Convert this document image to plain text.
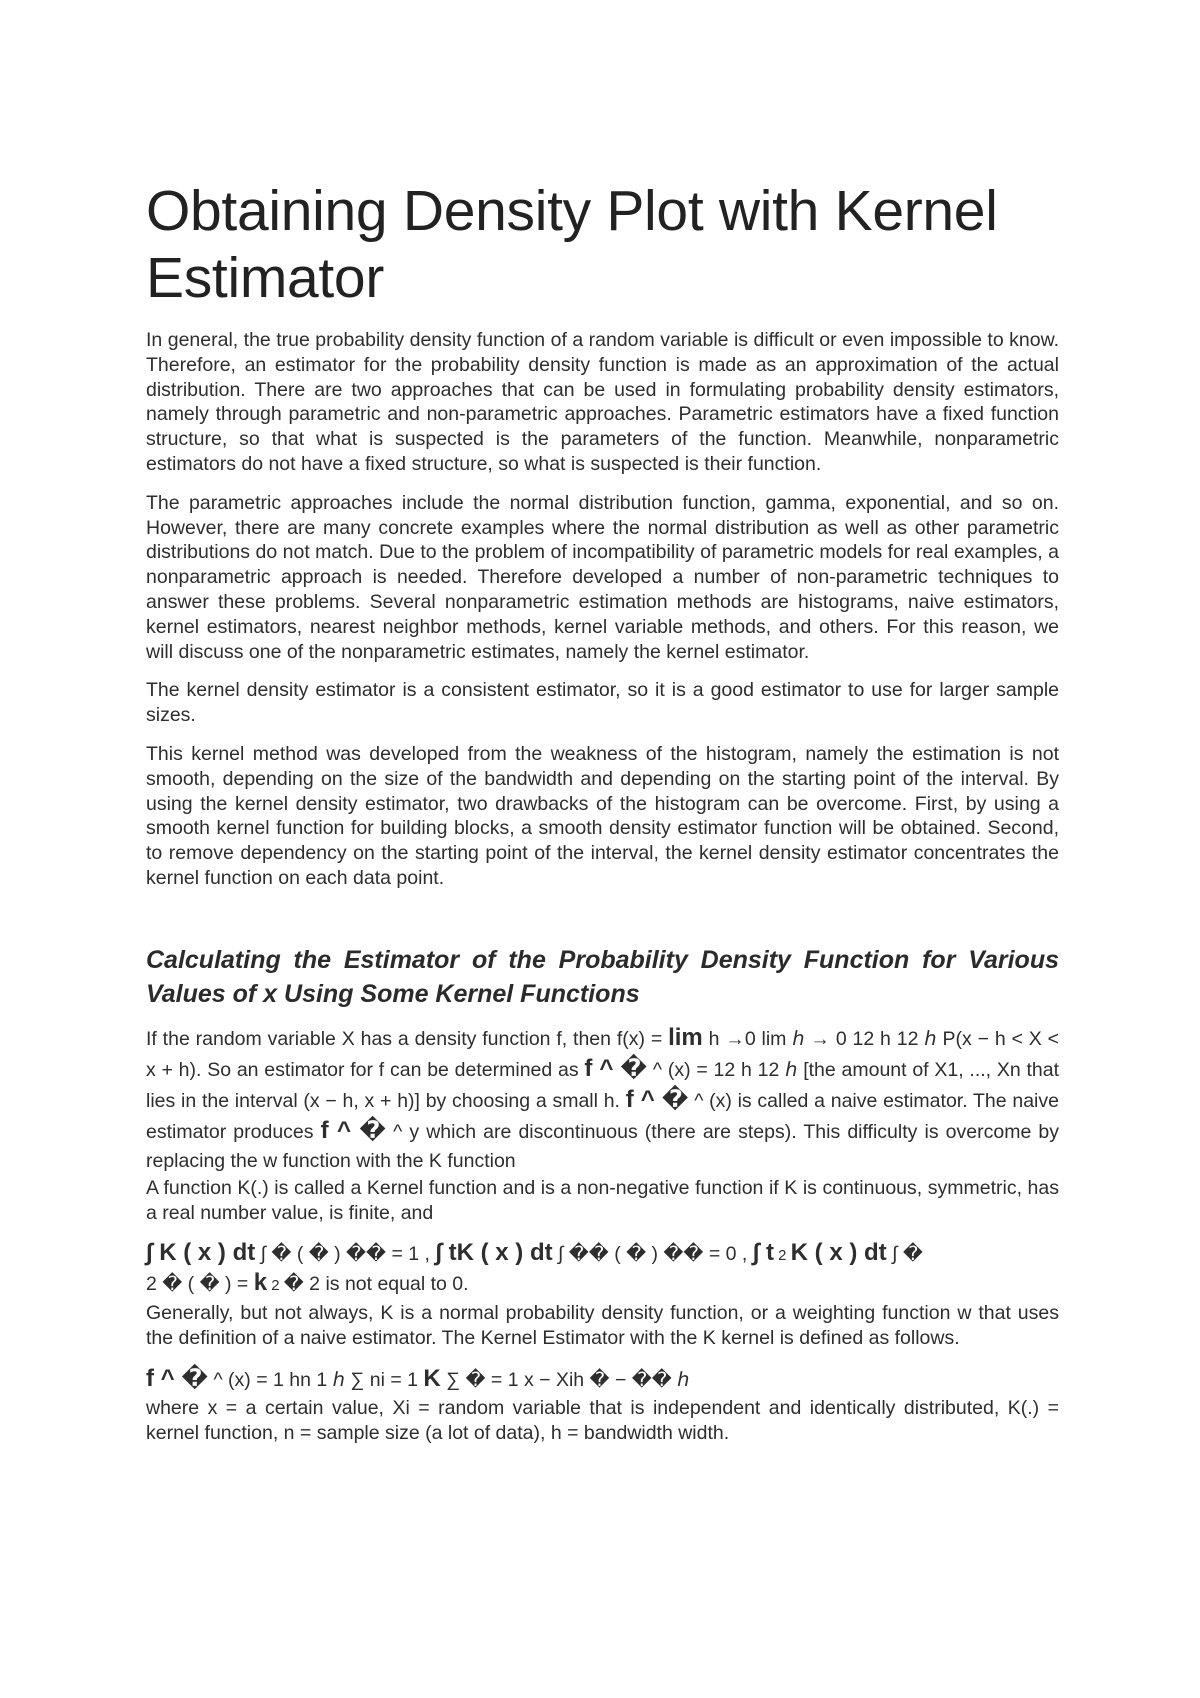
Obtaining Density Plot with Kernel Estimator

In general, the true probability density function of a random variable is difficult or even impossible to know. Therefore, an estimator for the probability density function is made as an approximation of the actual distribution. There are two approaches that can be used in formulating probability density estimators, namely through parametric and non-parametric approaches. Parametric estimators have a fixed function structure, so that what is suspected is the parameters of the function. Meanwhile, nonparametric estimators do not have a fixed structure, so what is suspected is their function.

The parametric approaches include the normal distribution function, gamma, exponential, and so on. However, there are many concrete examples where the normal distribution as well as other parametric distributions do not match. Due to the problem of incompatibility of parametric models for real examples, a nonparametric approach is needed. Therefore developed a number of non-parametric techniques to answer these problems. Several nonparametric estimation methods are histograms, naive estimators, kernel estimators, nearest neighbor methods, kernel variable methods, and others. For this reason, we will discuss one of the nonparametric estimates, namely the kernel estimator.

The kernel density estimator is a consistent estimator, so it is a good estimator to use for larger sample sizes.

This kernel method was developed from the weakness of the histogram, namely the estimation is not smooth, depending on the size of the bandwidth and depending on the starting point of the interval. By using the kernel density estimator, two drawbacks of the histogram can be overcome. First, by using a smooth kernel function for building blocks, a smooth density estimator function will be obtained. Second, to remove dependency on the starting point of the interval, the kernel density estimator concentrates the kernel function on each data point.

Calculating the Estimator of the Probability Density Function for Various Values of x Using Some Kernel Functions

If the random variable X has a density function f, then f(x) = lim h →0 lim ℎ → 0 12 h 12 ℎ P(x − h < X < x + h). So an estimator for f can be determined as f ^ � ^ (x) = 12 h 12 ℎ [the amount of X1, ..., Xn that lies in the interval (x − h, x + h)] by choosing a small h. f ^ � ^ (x) is called a naive estimator. The naive estimator produces f ^ � ^ y which are discontinuous (there are steps). This difficulty is overcome by replacing the w function with the K function

A function K(.) is called a Kernel function and is a non-negative function if K is continuous, symmetric, has a real number value, is finite, and

∫ K ( x ) dt ∫ � ( � ) �� = 1 , ∫ tK ( x ) dt ∫ �� ( � ) �� = 0 , ∫ t 2 K ( x ) dt ∫ �
2 � ( � ) = k 2 � 2 is not equal to 0.

Generally, but not always, K is a normal probability density function, or a weighting function w that uses the definition of a naive estimator. The Kernel Estimator with the K kernel is defined as follows.

f ^ � ^ (x) = 1 hn 1 ℎ ∑ ni = 1 K ∑ � = 1 x − Xih � − �� ℎ

where x = a certain value, Xi = random variable that is independent and identically distributed, K(.) = kernel function, n = sample size (a lot of data), h = bandwidth width.
